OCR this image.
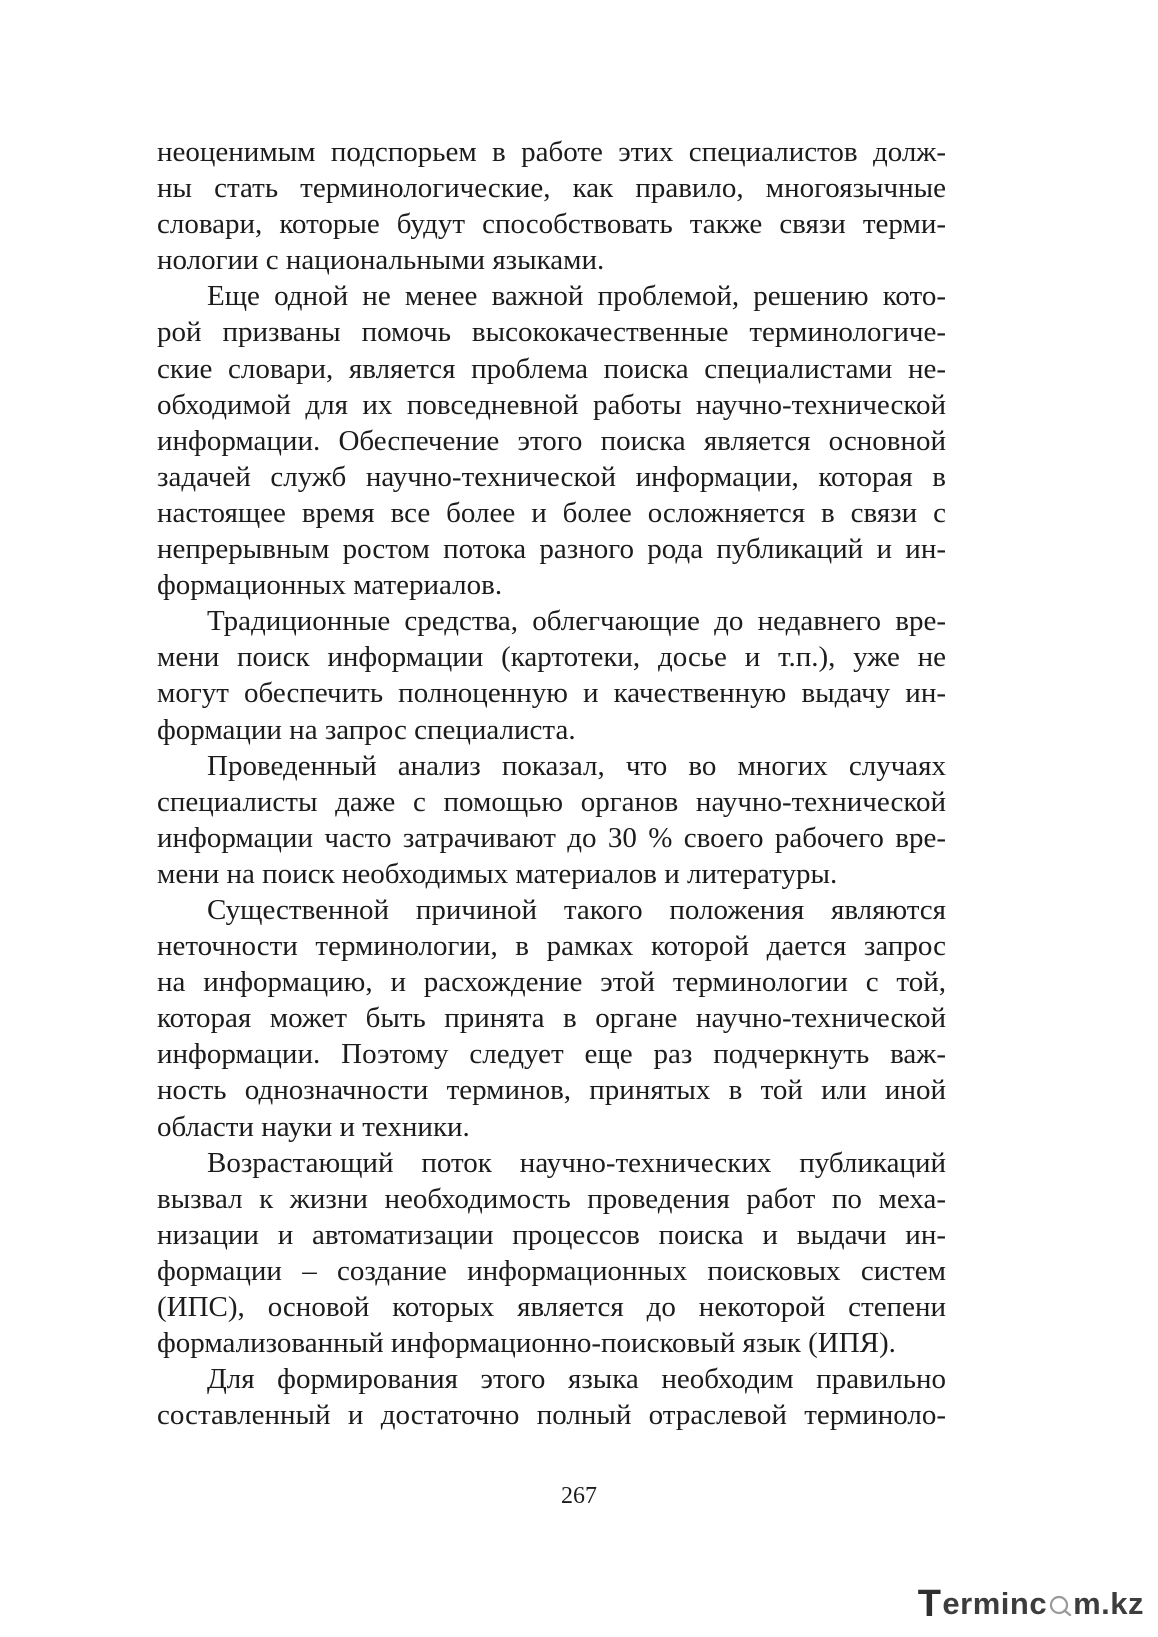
неоценимым подспорьем в работе этих специалистов долж-
ны стать терминологические, как правило, многоязычные
словари, которые будут способствовать также связи терми-
нологии с национальными языками.
Еще одной не менее важной проблемой, решению кото-
рой призваны помочь высококачественные терминологиче-
ские словари, является проблема поиска специалистами не-
обходимой для их повседневной работы научно-технической
информации. Обеспечение этого поиска является основной
задачей служб научно-технической информации, которая в
настоящее время все более и более осложняется в связи с
непрерывным ростом потока разного рода публикаций и ин-
формационных материалов.
Традиционные средства, облегчающие до недавнего вре-
мени поиск информации (картотеки, досье и т.п.), уже не
могут обеспечить полноценную и качественную выдачу ин-
формации на запрос специалиста.
Проведенный анализ показал, что во многих случаях
специалисты даже с помощью органов научно-технической
информации часто затрачивают до 30 % своего рабочего вре-
мени на поиск необходимых материалов и литературы.
Существенной причиной такого положения являются
неточности терминологии, в рамках которой дается запрос
на информацию, и расхождение этой терминологии с той,
которая может быть принята в органе научно-технической
информации. Поэтому следует еще раз подчеркнуть важ-
ность однозначности терминов, принятых в той или иной
области науки и техники.
Возрастающий поток научно-технических публикаций
вызвал к жизни необходимость проведения работ по меха-
низации и автоматизации процессов поиска и выдачи ин-
формации – создание информационных поисковых систем
(ИПС), основой которых является до некоторой степени
формализованный информационно-поисковый язык (ИПЯ).
Для формирования этого языка необходим правильно
составленный и достаточно полный отраслевой терминоло-
267
T erminc m.kz
